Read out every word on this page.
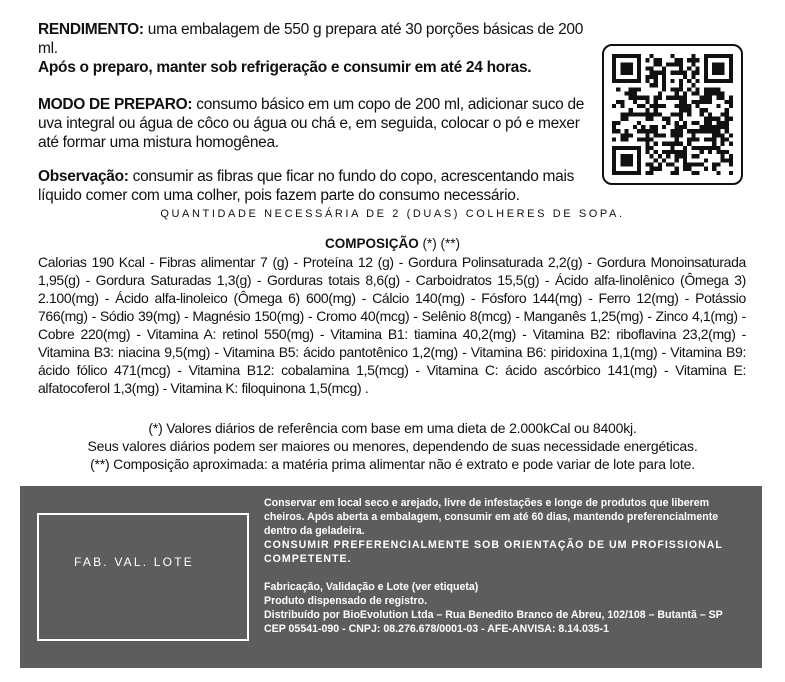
RENDIMENTO: uma embalagem de 550 g prepara até 30 porções básicas de 200 ml.
Após o preparo, manter sob refrigeração e consumir em até 24 horas.

MODO DE PREPARO: consumo básico em um copo de 200 ml, adicionar suco de uva integral ou água de côco ou água ou chá e, em seguida, colocar o pó e mexer até formar uma mistura homogênea.

Observação: consumir as fibras que ficar no fundo do copo, acrescentando mais líquido comer com uma colher, pois fazem parte do consumo necessário.

QUANTIDADE NECESSÁRIA DE 2 (DUAS) COLHERES DE SOPA.
COMPOSIÇÃO (*) (**)
Calorias 190 Kcal - Fibras alimentar 7 (g) - Proteína 12 (g) - Gordura Polinsaturada 2,2(g) - Gordura Monoinsaturada 1,95(g) - Gordura Saturadas 1,3(g) - Gorduras totais 8,6(g) - Carboidratos 15,5(g) - Ácido alfa-linolênico (Ômega 3) 2.100(mg) - Ácido alfa-linoleico (Ômega 6) 600(mg) - Cálcio 140(mg) - Fósforo 144(mg) - Ferro 12(mg) - Potássio 766(mg) - Sódio 39(mg) - Magnésio 150(mg) - Cromo 40(mcg) - Selênio 8(mcg) - Manganês 1,25(mg) - Zinco 4,1(mg) - Cobre 220(mg) - Vitamina A: retinol 550(mg) - Vitamina B1: tiamina 40,2(mg) - Vitamina B2: riboflavina 23,2(mg) - Vitamina B3: niacina 9,5(mg) - Vitamina B5: ácido pantotênico 1,2(mg) - Vitamina B6: piridoxina 1,1(mg) - Vitamina B9: ácido fólico 471(mcg) - Vitamina B12: cobalamina 1,5(mcg) - Vitamina C: ácido ascórbico 141(mg) - Vitamina E: alfatocoferol 1,3(mg) - Vitamina K: filoquinona 1,5(mcg) .

(*) Valores diários de referência com base em uma dieta de 2.000kCal ou 8400kj.

Seus valores diários podem ser maiores ou menores, dependendo de suas necessidade energéticas.

(**) Composição aproximada: a matéria prima alimentar não é extrato e pode variar de lote para lote.

FAB. VAL. LOTE

Conservar em local seco e arejado, livre de infestações e longe de produtos que liberem cheiros. Após aberta a embalagem, consumir em até 60 dias, mantendo preferencialmente dentro da geladeira.

CONSUMIR PREFERENCIALMENTE SOB ORIENTAÇÃO DE UM PROFISSIONAL COMPETENTE.

Fabricação, Validação e Lote (ver etiqueta)

Produto dispensado de registro.

Distribuído por BioEvolution Ltda – Rua Benedito Branco de Abreu, 102/108 – Butantã – SP

CEP 05541-090 - CNPJ: 08.276.678/0001-03 - AFE-ANVISA: 8.14.035-1
